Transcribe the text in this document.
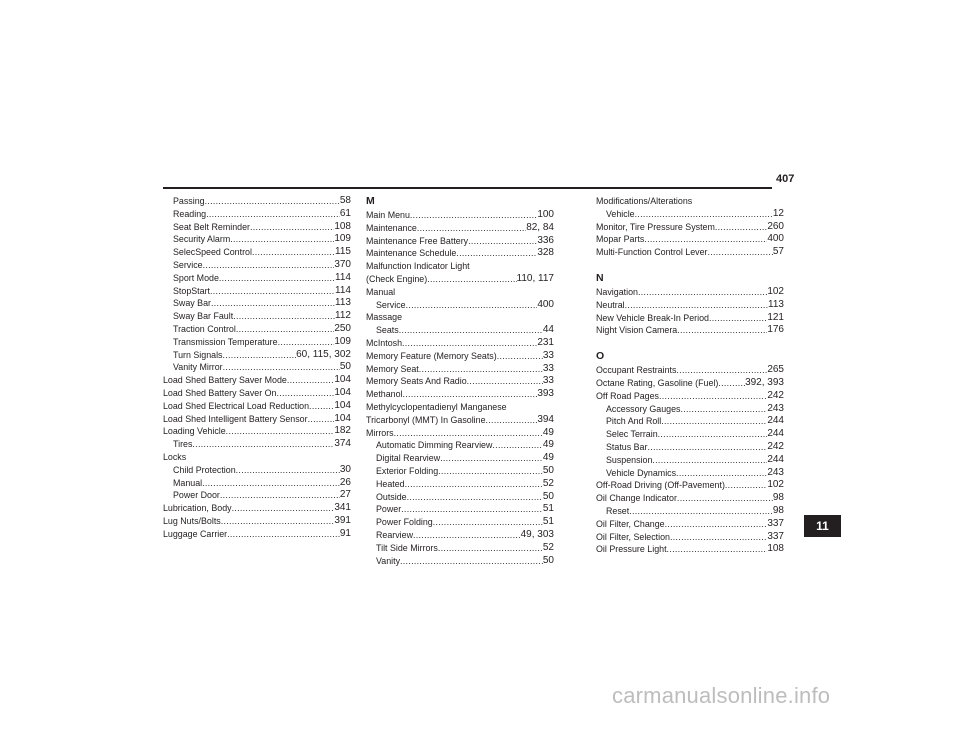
407
Passing .....	58
Reading .....	61
Seat Belt Reminder .....	108
Security Alarm .....	109
SelecSpeed Control .....	115
Service .....	370
Sport Mode .....	114
StopStart .....	114
Sway Bar .....	113
Sway Bar Fault .....	112
Traction Control .....	250
Transmission Temperature .....	109
Turn Signals .....	60, 115, 302
Vanity Mirror .....	50
Load Shed Battery Saver Mode .....	104
Load Shed Battery Saver On .....	104
Load Shed Electrical Load Reduction .....	104
Load Shed Intelligent Battery Sensor .....	104
Loading Vehicle .....	182
Tires .....	374
Locks
Child Protection .....	30
Manual .....	26
Power Door .....	27
Lubrication, Body .....	341
Lug Nuts/Bolts .....	391
Luggage Carrier .....	91
M
Main Menu .....	100
Maintenance .....	82, 84
Maintenance Free Battery .....	336
Maintenance Schedule .....	328
Malfunction Indicator Light
(Check Engine) .....	110, 117
Manual
Service .....	400
Massage
Seats .....	44
McIntosh .....	231
Memory Feature (Memory Seats) .....	33
Memory Seat .....	33
Memory Seats And Radio .....	33
Methanol .....	393
Methylcyclopentadienyl Manganese
Tricarbonyl (MMT) In Gasoline .....	394
Mirrors .....	49
Automatic Dimming Rearview .....	49
Digital Rearview .....	49
Exterior Folding .....	50
Heated .....	52
Outside .....	50
Power .....	51
Power Folding .....	51
Rearview .....	49, 303
Tilt Side Mirrors .....	52
Vanity .....	50
Modifications/Alterations
Vehicle .....	12
Monitor, Tire Pressure System .....	260
Mopar Parts .....	400
Multi-Function Control Lever .....	57
N
Navigation .....	102
Neutral .....	113
New Vehicle Break-In Period .....	121
Night Vision Camera .....	176
O
Occupant Restraints .....	265
Octane Rating, Gasoline (Fuel) .....	392, 393
Off Road Pages .....	242
Accessory Gauges .....	243
Pitch And Roll .....	244
Selec Terrain .....	244
Status Bar .....	242
Suspension .....	244
Vehicle Dynamics .....	243
Off-Road Driving (Off-Pavement) .....	102
Oil Change Indicator .....	98
Reset .....	98
Oil Filter, Change .....	337
Oil Filter, Selection .....	337
Oil Pressure Light .....	108
11
carmanualsonline.info
